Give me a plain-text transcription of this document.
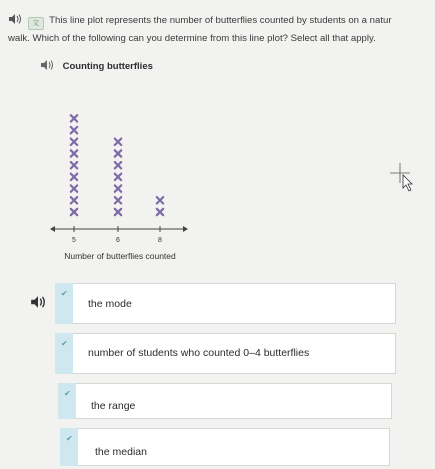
文 This line plot represents the number of butterflies counted by students on a natur
walk. Which of the following can you determine from this line plot? Select all that apply.
Counting butterflies
5	6	8
Number of butterflies counted
✔
the mode
✔
number of students who counted 0–4 butterflies
✔
the range
✔
the median
